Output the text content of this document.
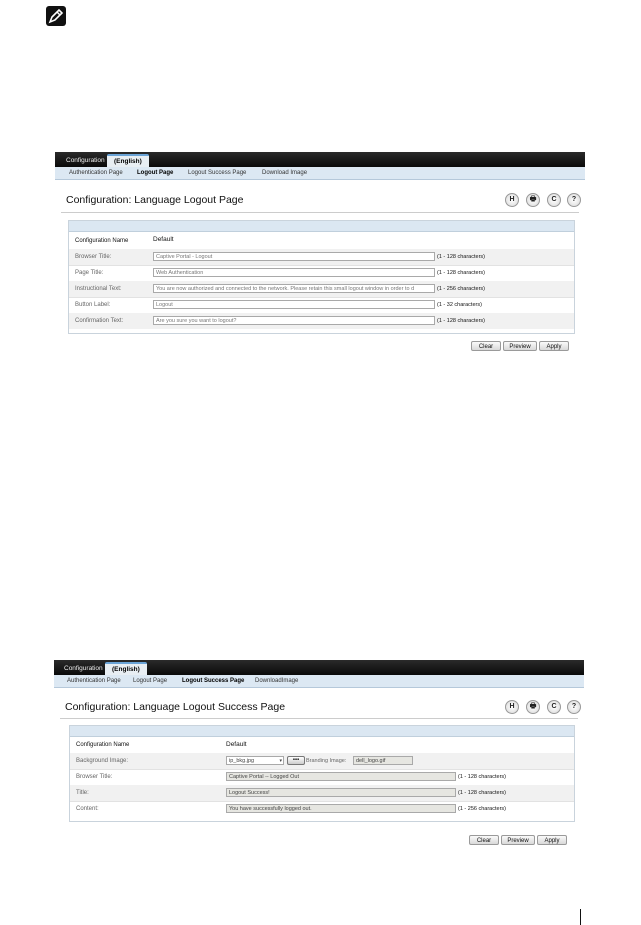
Configuration	(English)
Authentication Page Logout Page Logout Success Page	Download Image
Configuration: Language Logout Page	H	🖶	C	?
Configuration Name	Default
Browser Title:	Captive Portal - Logout	(1 - 128 characters)
Page Title:	Web Authentication	(1 - 128 characters)
Instructional Text:	You are now authorized and connected to the network. Please retain this small logout window in order to d	(1 - 256 characters)
Button Label:	Logout	(1 - 32 characters)
Confirmation Text:	Are you sure you want to logout?	(1 - 128 characters)
Clear	Preview	Apply
Configuration	(English)
Authentication Page Logout Page Logout Success Page DownloadImage
Configuration: Language Logout Success Page	H	🖶	C	?
Configuration Name	Default
Background Image:	ip_bkg.jpg	▾	▪▪▪	Branding Image:	dell_logo.gif
Browser Title:	Captive Portal -- Logged Out	(1 - 128 characters)
Title:	Logout Success!	(1 - 128 characters)
Content:	You have successfully logged out.	(1 - 256 characters)
Clear	Preview	Apply
